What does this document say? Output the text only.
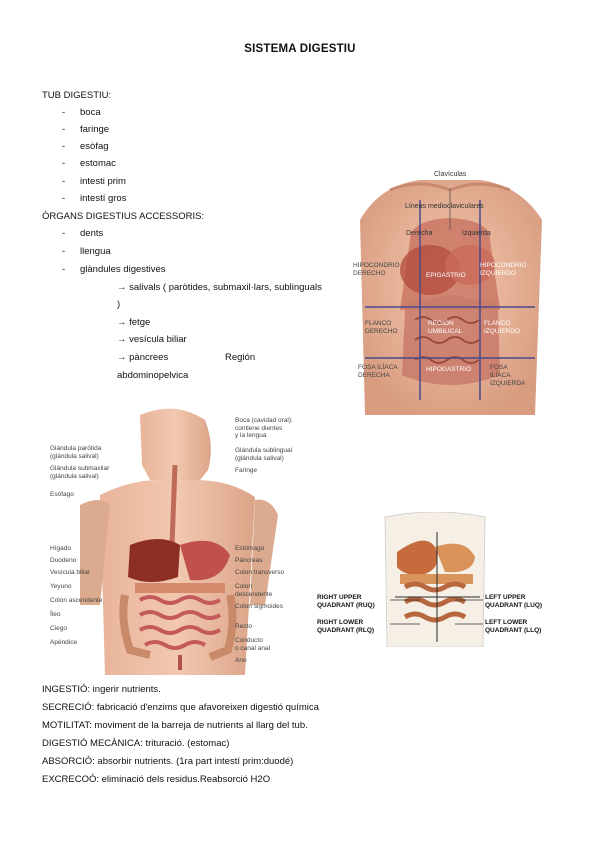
SISTEMA DIGESTIU
TUB DIGESTIU:
- boca
- faringe
- esòfag
- estomac
- intesti prim
- intestí gros
ÒRGANS DIGESTIUS ACCESSORIS:
- dents
- llengua
- glàndules digestives
→ salivals ( paròtides, submaxil·lars, sublinguals
)
→ fetge
→ vesícula biliar
→ pàncrees	Región
abdominopelvica
Clavículas
Líneas medioclaviculares
Derecha	Izquierda
HIPOCONDRIO
DERECHO	EPIGASTRIO
HIPOCONDRIO
IZQUIERDO
FLANCO
DERECHO
REGIÓN
UMBILICAL
FLANCO
IZQUIERDO
FOSA ILÍACA
DERECHA
HIPOGASTRIO	FOSA
ILÍACA
IZQUIERDA
Glándula parótida
(glándula salival)
Glándula submaxilar
(glándula salival)
Esófago
Hígado
Duodeno
Vesícula biliar
Yeyuno
Colon ascendente
Íleo
Ciego
Apéndice
Boca (cavidad oral):
contiene dientes
y la lengua
Glándula sublingual
(glándula salival)
Faringe
Estómago
Páncreas
Colon transverso
Colon
descendente
Colon sigmoides
Recto
Conducto
o canal anal
Ano
RIGHT UPPER
QUADRANT (RUQ)
RIGHT LOWER
QUADRANT (RLQ)
LEFT UPPER
QUADRANT (LUQ)
LEFT LOWER
QUADRANT (LLQ)
INGESTIÓ: ingerir nutrients.
SECRECIÓ: fabricació d'enzims que afavoreixen digestió química
MOTILITAT: moviment de la barreja de nutrients al llarg del tub.
DIGESTIÓ MECÀNICA: trituració. (estomac)
ABSORCIÓ: absorbir nutrients. (1ra part intestí prim:duodé)
EXCRECOÓ: eliminació dels residus.Reabsorció H2O
